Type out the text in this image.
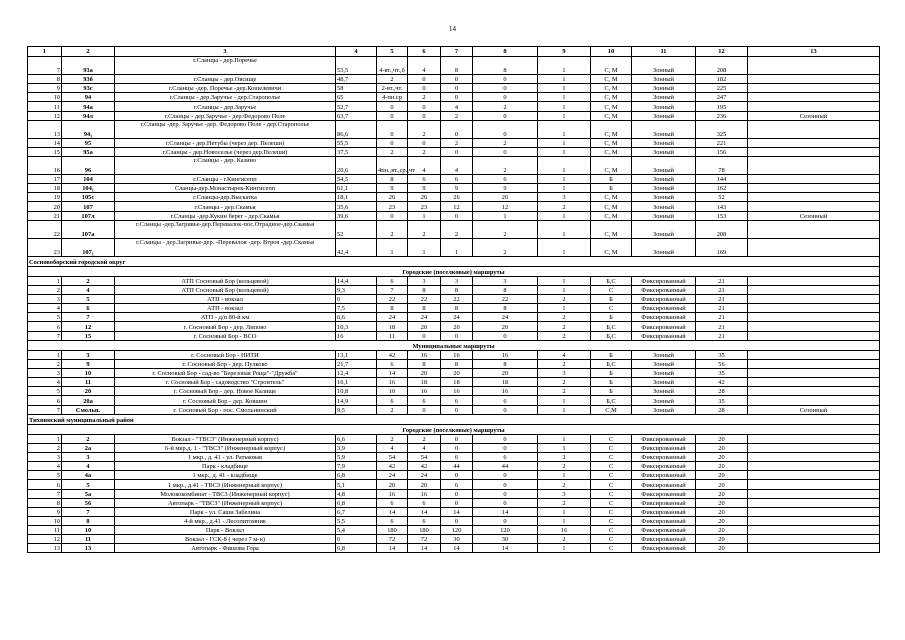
14
1	2	3	4	5	6	7	8	9	10	11	12	13
7	93а	г.Сланцы - дер.Поречье	53,5	4-вт.,чт.,б	4	8	8	1	С, М	Зонный	208	
8	93б	г.Сланцы - дер.Овсище	48,7	2	0	0	0	1	С, М	Зонный	182	
9	93с	г.Сланцы -дер. Поречье -дер.Кошелевичи	58	2-вт.,чт.	0	0	0	1	С, М	Зонный	225	
10	94	г.Сланцы - дер.Заручье - дер.Старополье	65	4-пн.ср	2	0	0	1	С, М	Зонный	247	
11	94а	г.Сланцы - дер.Заручье	52,7	0	0	4	2	1	С, М	Зонный	195	
12	94л	г.Сланцы - дер.Заручье - дер.Федорово Поле	63,7	0	0	2	0	1	С, М	Зонный	236	Сезонный
13	94₁	г.Сланцы -дер. Заручье -дер. Федорово Поле - дер.Старополье	86,6	0	2	0	0	1	С, М	Зонный	325	
14	95	г.Сланцы - дер.Нетубы (через дер. Пелеши)	55,5	0	0	2	2	1	С, М	Зонный	221	
15	95а	г.Сланцы - дер.Новоселье (через дер.Пелеши)	37,5	2	2	0	0	1	С, М	Зонный	156	
16	96	г.Сланцы - дер. Казино	20,6	4пн.,вт.,ср.,чт	4	4	2	1	С, М	Зонный	78	
17	104	г.Сланцы - г.Кингисепп	54,5	8	6	6	6	1	Б	Зонный	144	
18	104₁	Сланцы-дер.Монастырек-Кингисепп	61,1	9	9	9	9	1	Б	Зонный	162	
19	105с	г.Сланцы-дер.Выскатка	18,1	26	26	26	26	3	С, М	Зонный	52	
20	107	г.Сланцы - дер.Скамья	35,6	23	23	12	12	2	С, М	Зонный	143	
21	107л	г.Сланцы -дер.Кукин берег - дер.Скамья	39,6	0	1	0	1	1	С, М	Зонный	153	Сезонный
22	107а	г.Сланцы -дер.Загривье-дер.Перевалок-пос.Отрадное-дер.Скамья	52	2	2	2	2	1	С, М	Зонный	208	
23	107₁	г.Сланцы - дер.Загривье-дер. -Перевалок -дер. Втроя -дер.Скамья	42,4	1	1	1	2	1	С, М	Зонный	169	
Сосновоборский городской округ												
Городские (поселковые) маршруты												
1	2	АТП Сосновый Бор (кольцевой)	14,4	6	3	3	3	1	Б,С	Фиксированный	21	
2	4	АТП Сосновый Бор (кольцевой)	9,3	7	8	8	8	1	С	Фиксированный	21	
3	5	АТП - вокзал	6	22	22	22	22	2	Б	Фиксированный	21	
4	6	АТП - вокзал	7,5	8	8	8	8	1	С	Фиксированный	21	
5	7	АТП - д/п 80-й км	6,6	24	24	24	24	2	Б	Фиксированный	21	
6	12	г. Сосновый Бор - дер. Липово	10,3	18	20	20	20	2	Б,С	Фиксированный	21	
7	15	г. Сосновый Бор - ВСО	16	11	0	0	0	2	Б,С	Фиксированный	21	
Муниципальные маршруты												
1	3	г. Сосновый Бор - НИТИ	13,1	42	16	16	16	4	Б	Зонный	35	
2	9	г. Сосновый Бор - дер. Пулково	21,7	6	8	8	8	2	Б,С	Зонный	56	
3	10	г. Сосновый Бор - сад-во "Березовая Роща"-"Дружба"	12,4	14	20	20	20	3	Б	Зонный	35	
4	11	г. Сосновый Бор - садоводство "Строитель"	16,1	16	18	18	18	2	Б	Зонный	42	
5	20	г. Сосновый Бор - дер. Новое Калище	10,8	10	16	16	16	2	Б	Зонный	28	
6	20а	г. Сосновый Бор - дер. Ковшин	14,9	6	6	6	6	1	Б,С	Зонный	35	
7	Смольн.	г. Сосновый Бор - пос. Смольнинский	9,5	2	0	0	0	1	С,М	Зонный	28	Сезонный
Тихвинский муниципальный район												
Городские (поселковые) маршруты												
1	2	Вокзал - "ТВСЗ" (Инженерный корпус)	6,6	2	2	0	0	1	С	Фиксированный	20	
2	2а	6-й мкр.д. 1 - "ТВСЗ" (Инженерный корпус)	3,9	4	4	0	0	1	С	Фиксированный	20	
3	3	1 мкр., д. 41 - ул. Ратьковая	5,9	54	54	6	6	2	С	Фиксированный	20	
4	4	Парк - кладбище	7,9	42	42	44	44	2	С	Фиксированный	20	
5	4а	1 мкр., д. 41 - кладбище	6,8	24	24	0	0	1	С	Фиксированный	20	
6	5	1 мкр., д.41 - ТВСЗ (Инженерный корпус)	5,1	20	20	6	0	2	С	Фиксированный	20	
7	5а	Молококомбинат - ТВСЗ (Инженерный корпус)	4,8	16	16	0	0	3	С	Фиксированный	20	
8	56	Автопарк - "ТВСЗ" (Инженерный корпус)	6,8	6	6	0	0	2	С	Фиксированный	20	
9	7	Парк - ул. Саши Забелина	6,7	14	14	14	14	1	С	Фиксированный	20	
10	8	4-й мкр., д.41 - Лесопитомник	5,5	6	6	0	0	1	С	Фиксированный	20	
11	10	Парк - Вокзал	5,4	180	180	120	120	16	С	Фиксированный	20	
12	11	Вокзал - ГСК-8 ( через 7 м-н)	6	72	72	30	30	2	С	Фиксированный	20	
13	13	Автопарк - Фишова Гора	6,8	14	14	14	14	1	С	Фиксированный	20	
